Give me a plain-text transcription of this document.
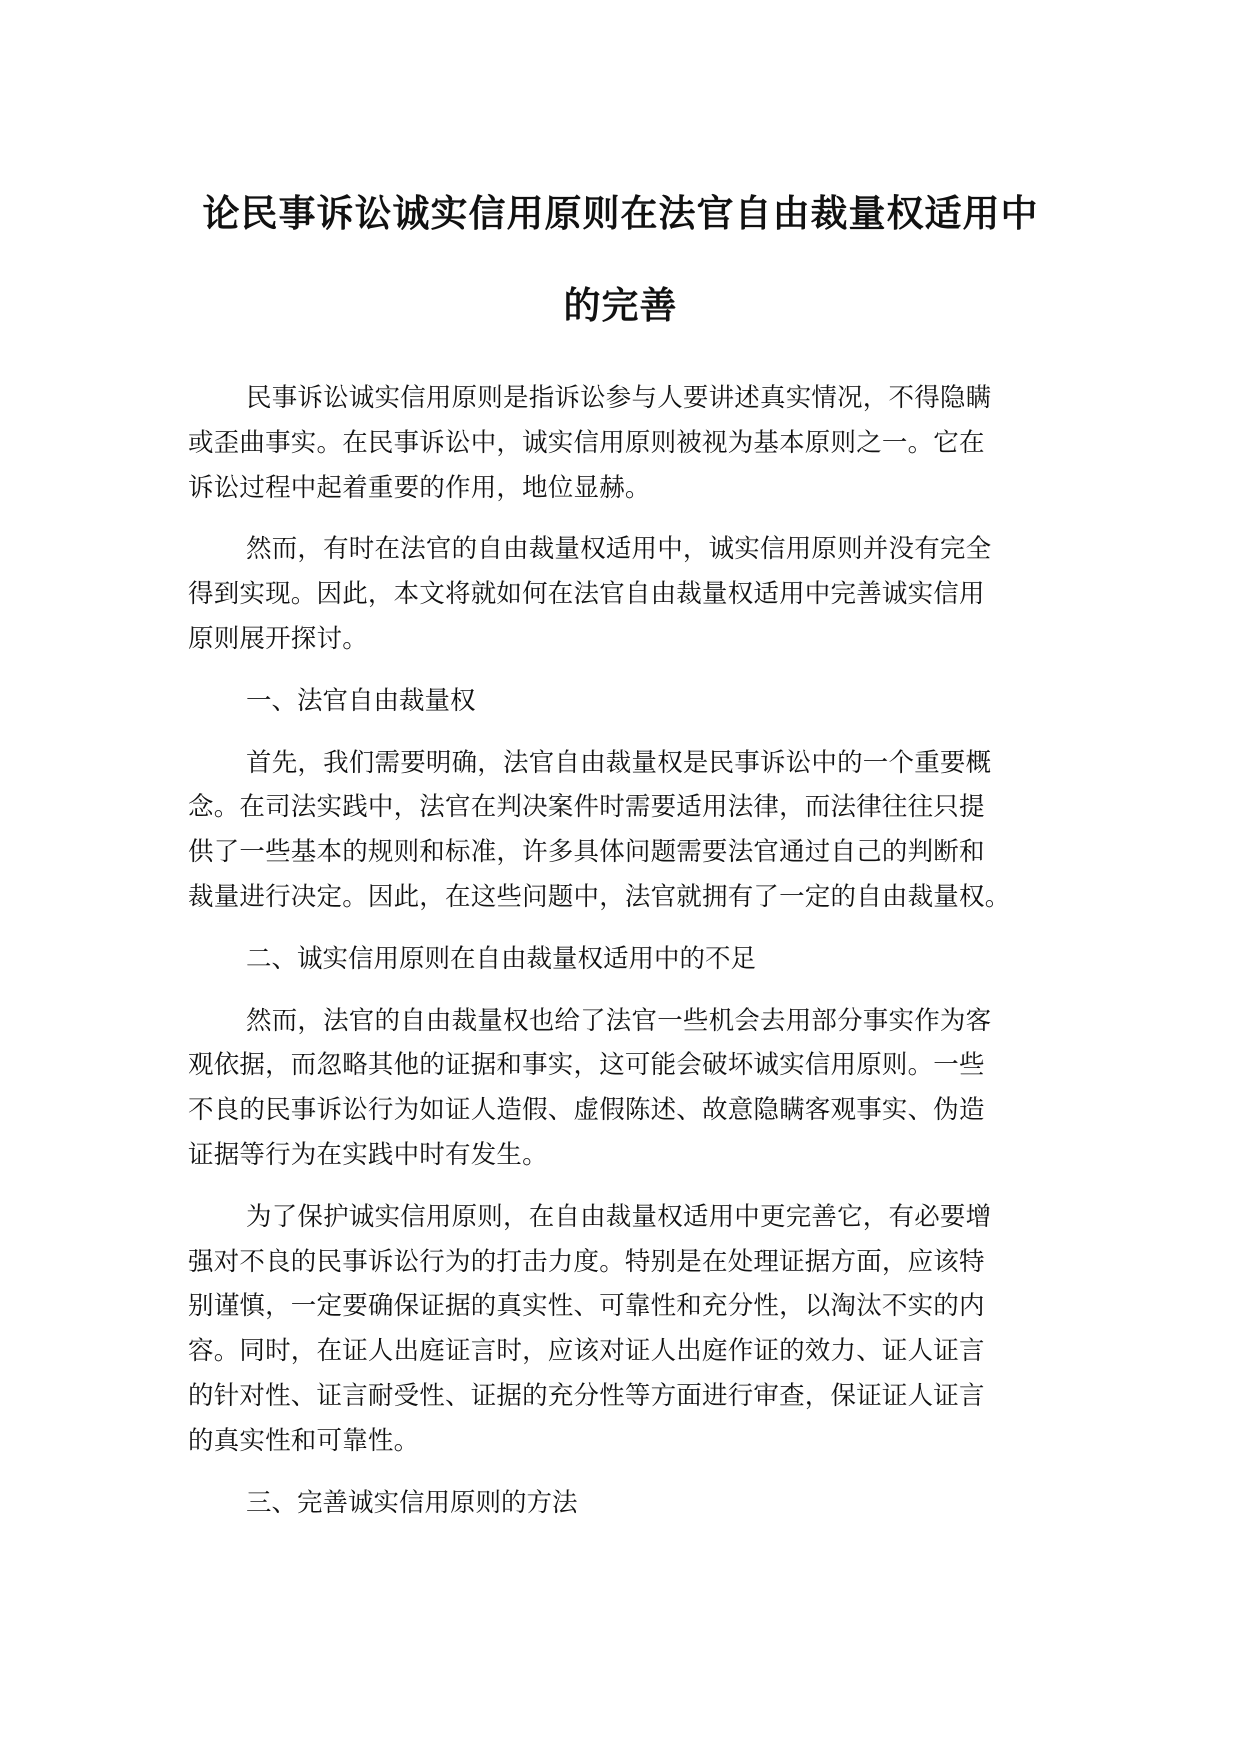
论民事诉讼诚实信用原则在法官自由裁量权适用中
的完善

民事诉讼诚实信用原则是指诉讼参与人要讲述真实情况，不得隐瞒
或歪曲事实。在民事诉讼中，诚实信用原则被视为基本原则之一。它在
诉讼过程中起着重要的作用，地位显赫。

然而，有时在法官的自由裁量权适用中，诚实信用原则并没有完全
得到实现。因此，本文将就如何在法官自由裁量权适用中完善诚实信用
原则展开探讨。

一、法官自由裁量权

首先，我们需要明确，法官自由裁量权是民事诉讼中的一个重要概
念。在司法实践中，法官在判决案件时需要适用法律，而法律往往只提
供了一些基本的规则和标准，许多具体问题需要法官通过自己的判断和
裁量进行决定。因此，在这些问题中，法官就拥有了一定的自由裁量权。

二、诚实信用原则在自由裁量权适用中的不足

然而，法官的自由裁量权也给了法官一些机会去用部分事实作为客
观依据，而忽略其他的证据和事实，这可能会破坏诚实信用原则。一些
不良的民事诉讼行为如证人造假、虚假陈述、故意隐瞒客观事实、伪造
证据等行为在实践中时有发生。

为了保护诚实信用原则，在自由裁量权适用中更完善它，有必要增
强对不良的民事诉讼行为的打击力度。特别是在处理证据方面，应该特
别谨慎，一定要确保证据的真实性、可靠性和充分性，以淘汰不实的内
容。同时，在证人出庭证言时，应该对证人出庭作证的效力、证人证言
的针对性、证言耐受性、证据的充分性等方面进行审查，保证证人证言
的真实性和可靠性。

三、完善诚实信用原则的方法
